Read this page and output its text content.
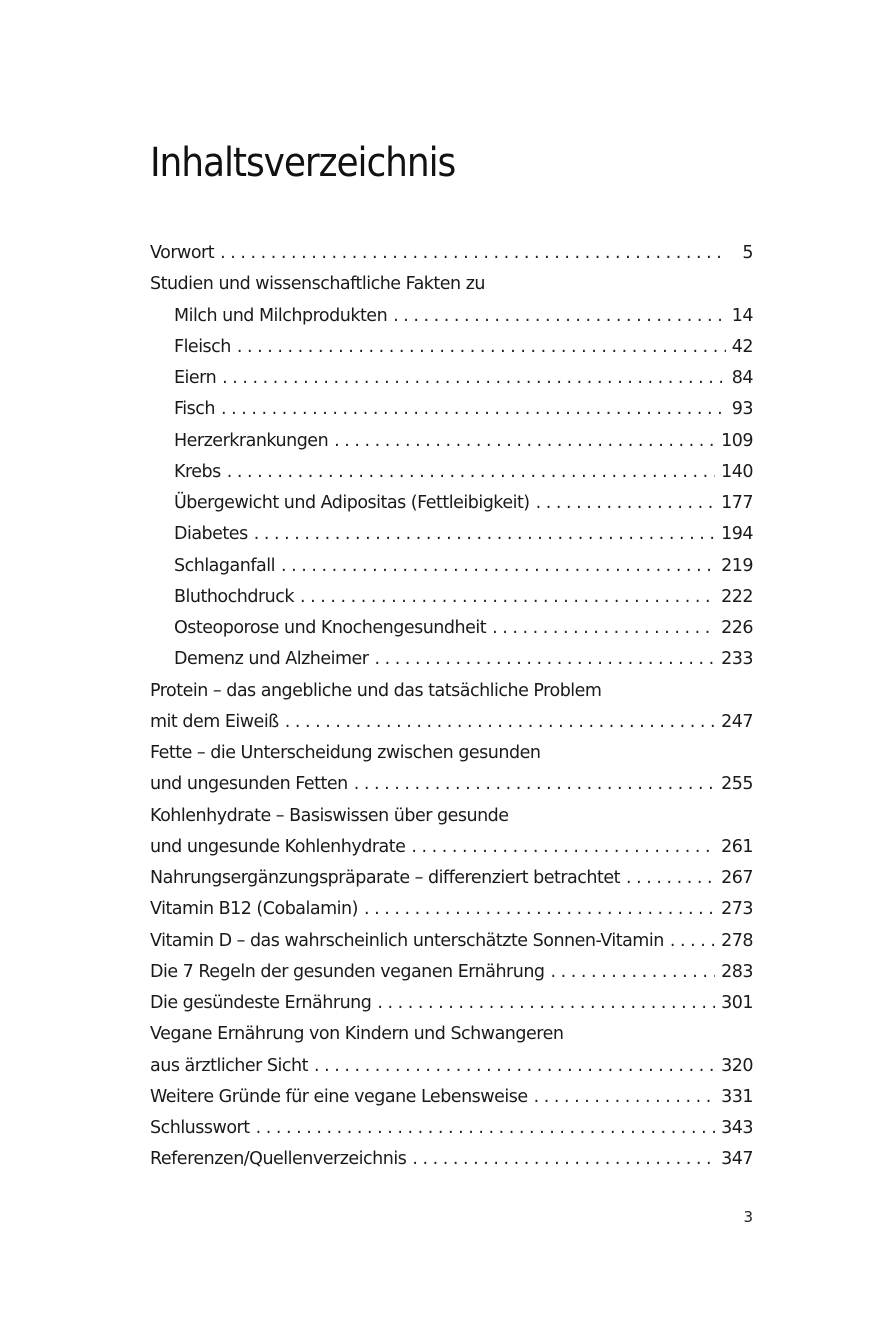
Inhaltsverzeichnis
Vorwort . . .	5
Studien und wissenschaftliche Fakten zu
Milch und Milchprodukten . . .	14
Fleisch . . .	42
Eiern . . .	84
Fisch . . .	93
Herzerkrankungen . . .	109
Krebs . . .	140
Übergewicht und Adipositas (Fettleibigkeit) . . .	177
Diabetes . . .	194
Schlaganfall . . .	219
Bluthochdruck . . .	222
Osteoporose und Knochengesundheit . . .	226
Demenz und Alzheimer . . .	233
Protein – das angebliche und das tatsächliche Problem
mit dem Eiweiß . . .	247
Fette – die Unterscheidung zwischen gesunden
und ungesunden Fetten . . .	255
Kohlenhydrate – Basiswissen über gesunde
und ungesunde Kohlenhydrate . . .	261
Nahrungsergänzungspräparate – differenziert betrachtet . . .	267
Vitamin B12 (Cobalamin) . . .	273
Vitamin D – das wahrscheinlich unterschätzte Sonnen-Vitamin . . .	278
Die 7 Regeln der gesunden veganen Ernährung . . .	283
Die gesündeste Ernährung . . .	301
Vegane Ernährung von Kindern und Schwangeren
aus ärztlicher Sicht . . .	320
Weitere Gründe für eine vegane Lebensweise . . .	331
Schlusswort . . .	343
Referenzen/Quellenverzeichnis . . .	347
3
